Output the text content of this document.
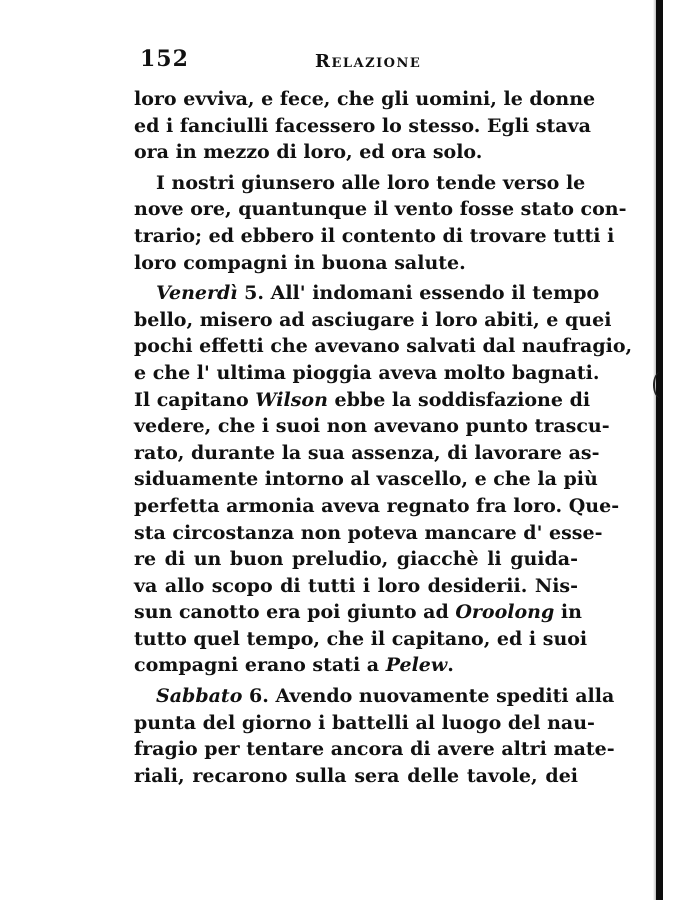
152	Relazione
loro evviva, e fece, che gli uomini, le donne
ed i fanciulli facessero lo stesso. Egli stava
ora in mezzo di loro, ed ora solo.
I nostri giunsero alle loro tende verso le
nove ore, quantunque il vento fosse stato con-
trario; ed ebbero il contento di trovare tutti i
loro compagni in buona salute.
Venerdì 5. All' indomani essendo il tempo
bello, misero ad asciugare i loro abiti, e quei
pochi effetti che avevano salvati dal naufragio,
e che l' ultima pioggia aveva molto bagnati.
Il capitano Wilson ebbe la soddisfazione di
vedere, che i suoi non avevano punto trascu-
rato, durante la sua assenza, di lavorare as-
siduamente intorno al vascello, e che la più
perfetta armonia aveva regnato fra loro. Que-
sta circostanza non poteva mancare d' esse-
re di un buon preludio, giacchè li guida-
va allo scopo di tutti i loro desiderii. Nis-
sun canotto era poi giunto ad Oroolong in
tutto quel tempo, che il capitano, ed i suoi
compagni erano stati a Pelew.
Sabbato 6. Avendo nuovamente spediti alla
punta del giorno i battelli al luogo del nau-
fragio per tentare ancora di avere altri mate-
riali, recarono sulla sera delle tavole, dei
